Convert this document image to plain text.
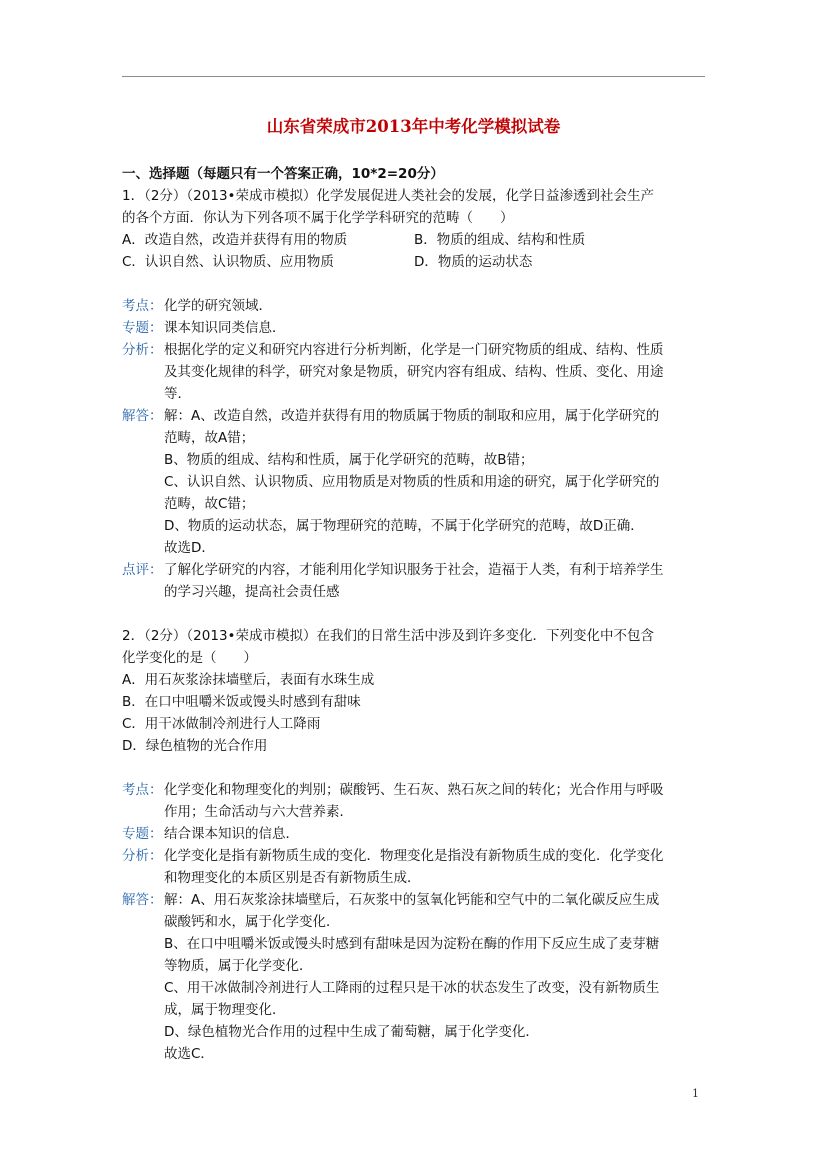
山东省荣成市2013年中考化学模拟试卷
一、选择题（每题只有一个答案正确，10*2=20分）
1．（2分）（2013•荣成市模拟）化学发展促进人类社会的发展，化学日益渗透到社会生产
的各个方面．你认为下列各项不属于化学学科研究的范畴（　　）
A．改造自然，改造并获得有用的物质	B．物质的组成、结构和性质
C．认识自然、认识物质、应用物质	D．物质的运动状态
考点： 化学的研究领域．
专题： 课本知识同类信息．
分析： 根据化学的定义和研究内容进行分析判断，化学是一门研究物质的组成、结构、性质
及其变化规律的科学，研究对象是物质，研究内容有组成、结构、性质、变化、用途
等．
解答： 解：A、改造自然，改造并获得有用的物质属于物质的制取和应用，属于化学研究的
范畴，故A错；
B、物质的组成、结构和性质，属于化学研究的范畴，故B错；
C、认识自然、认识物质、应用物质是对物质的性质和用途的研究，属于化学研究的
范畴，故C错；
D、物质的运动状态，属于物理研究的范畴，不属于化学研究的范畴，故D正确．
故选D．
点评： 了解化学研究的内容，才能利用化学知识服务于社会，造福于人类，有利于培养学生
的学习兴趣，提高社会责任感
2．（2分）（2013•荣成市模拟）在我们的日常生活中涉及到许多变化．下列变化中不包含
化学变化的是（　　）
A．用石灰浆涂抹墙壁后，表面有水珠生成
B．在口中咀嚼米饭或馒头时感到有甜味
C．用干冰做制冷剂进行人工降雨
D．绿色植物的光合作用
考点： 化学变化和物理变化的判别；碳酸钙、生石灰、熟石灰之间的转化；光合作用与呼吸
作用；生命活动与六大营养素．
专题： 结合课本知识的信息．
分析： 化学变化是指有新物质生成的变化．物理变化是指没有新物质生成的变化．化学变化
和物理变化的本质区别是否有新物质生成．
解答： 解：A、用石灰浆涂抹墙壁后，石灰浆中的氢氧化钙能和空气中的二氧化碳反应生成
碳酸钙和水，属于化学变化．
B、在口中咀嚼米饭或馒头时感到有甜味是因为淀粉在酶的作用下反应生成了麦芽糖
等物质，属于化学变化．
C、用干冰做制冷剂进行人工降雨的过程只是干冰的状态发生了改变，没有新物质生
成，属于物理变化．
D、绿色植物光合作用的过程中生成了葡萄糖，属于化学变化．
故选C．
1
